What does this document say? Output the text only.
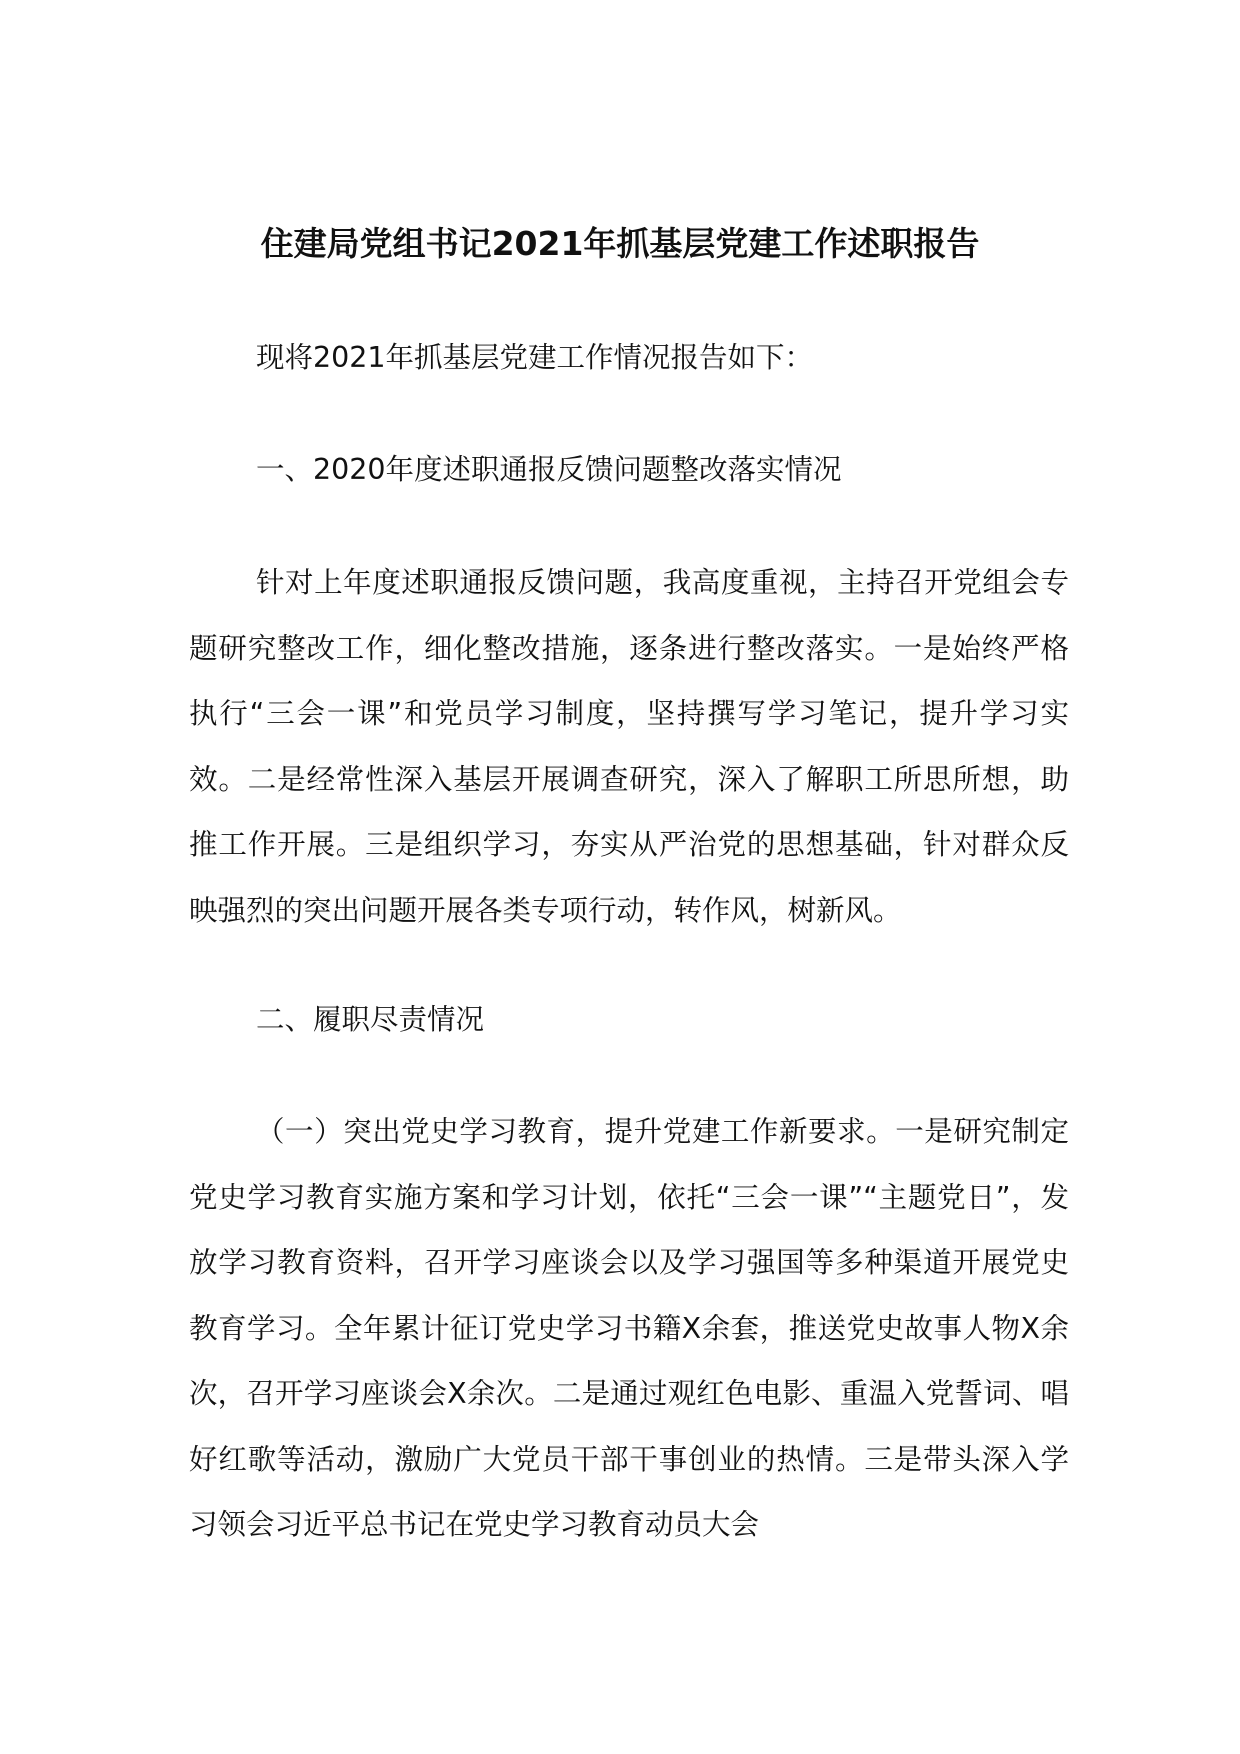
住建局党组书记2021年抓基层党建工作述职报告

现将2021年抓基层党建工作情况报告如下：

一、2020年度述职通报反馈问题整改落实情况

针对上年度述职通报反馈问题，我高度重视，主持召开党组会专题研究整改工作，细化整改措施，逐条进行整改落实。一是始终严格执行“三会一课”和党员学习制度，坚持撰写学习笔记，提升学习实效。二是经常性深入基层开展调查研究，深入了解职工所思所想，助推工作开展。三是组织学习，夯实从严治党的思想基础，针对群众反映强烈的突出问题开展各类专项行动，转作风，树新风。

二、履职尽责情况

（一）突出党史学习教育，提升党建工作新要求。一是研究制定党史学习教育实施方案和学习计划，依托“三会一课”“主题党日”，发放学习教育资料，召开学习座谈会以及学习强国等多种渠道开展党史教育学习。全年累计征订党史学习书籍X余套，推送党史故事人物X余次，召开学习座谈会X余次。二是通过观红色电影、重温入党誓词、唱好红歌等活动，激励广大党员干部干事创业的热情。三是带头深入学习领会习近平总书记在党史学习教育动员大会
